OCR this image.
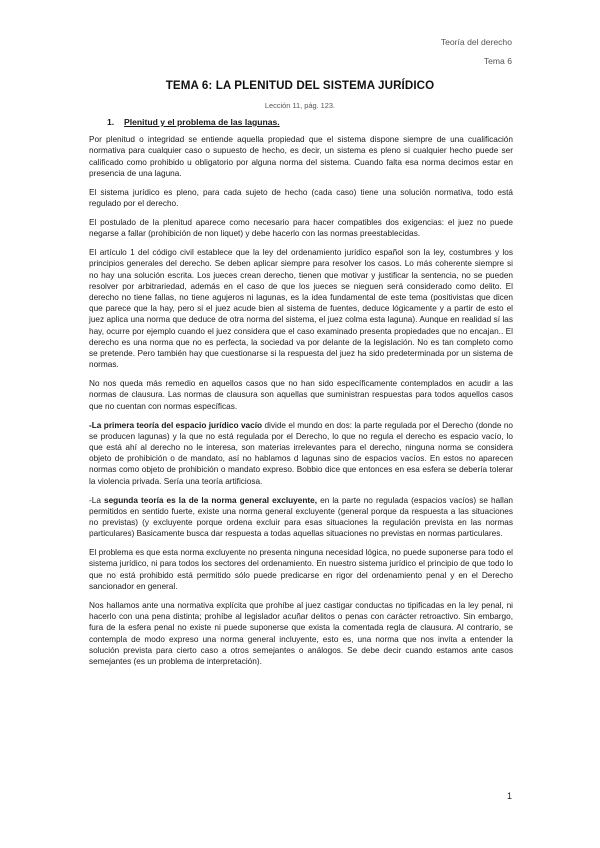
Teoría del derecho
Tema 6
TEMA 6: LA PLENITUD DEL SISTEMA JURÍDICO
Lección 11, pág. 123.
1. Plenitud y el problema de las lagunas.

Por plenitud o integridad se entiende aquella propiedad que el sistema dispone siempre de una cualificación normativa para cualquier caso o supuesto de hecho, es decir, un sistema es pleno si cualquier hecho puede ser calificado como prohibido u obligatorio por alguna norma del sistema. Cuando falta esa norma decimos estar en presencia de una laguna.

El sistema jurídico es pleno, para cada sujeto de hecho (cada caso) tiene una solución normativa, todo está regulado por el derecho.

El postulado de la plenitud aparece como necesario para hacer compatibles dos exigencias: el juez no puede negarse a fallar (prohibición de non liquet) y debe hacerlo con las normas preestablecidas.

El artículo 1 del código civil establece que la ley del ordenamiento jurídico español son la ley, costumbres y los principios generales del derecho. Se deben aplicar siempre para resolver los casos. Lo más coherente siempre si no hay una solución escrita. Los jueces crean derecho, tienen que motivar y justificar la sentencia, no se pueden resolver por arbitrariedad, además en el caso de que los jueces se nieguen será considerado como delito. El derecho no tiene fallas, no tiene agujeros ni lagunas, es la idea fundamental de este tema (positivistas que dicen que parece que la hay, pero si el juez acude bien al sistema de fuentes, deduce lógicamente y a partir de esto el juez aplica una norma que deduce de otra norma del sistema, el juez colma esta laguna). Aunque en realidad sí las hay, ocurre por ejemplo cuando el juez considera que el caso examinado presenta propiedades que no encajan.. El derecho es una norma que no es perfecta, la sociedad va por delante de la legislación. No es tan completo como se pretende. Pero también hay que cuestionarse si la respuesta del juez ha sido predeterminada por un sistema de normas.

No nos queda más remedio en aquellos casos que no han sido específicamente contemplados en acudir a las normas de clausura. Las normas de clausura son aquellas que suministran respuestas para todos aquellos casos que no cuentan con normas específicas.

-La primera teoría del espacio jurídico vacío divide el mundo en dos: la parte regulada por el Derecho (donde no se producen lagunas) y la que no está regulada por el Derecho, lo que no regula el derecho es espacio vacío, lo que está ahí al derecho no le interesa, son materias irrelevantes para el derecho, ninguna norma se considera objeto de prohibición o de mandato, así no hablamos d lagunas sino de espacios vacíos. En estos no aparecen normas como objeto de prohibición o mandato expreso. Bobbio dice que entonces en esa esfera se debería tolerar la violencia privada. Sería una teoría artificiosa.

-La segunda teoría es la de la norma general excluyente, en la parte no regulada (espacios vacíos) se hallan permitidos en sentido fuerte, existe una norma general excluyente (general porque da respuesta a las situaciones no previstas) (y excluyente porque ordena excluir para esas situaciones la regulación prevista en las normas particulares) Basicamente busca dar respuesta a todas aquellas situaciones no previstas en normas particulares.

El problema es que esta norma excluyente no presenta ninguna necesidad lógica, no puede suponerse para todo el sistema jurídico, ni para todos los sectores del ordenamiento. En nuestro sistema jurídico el principio de que todo lo que no está prohibido está permitido sólo puede predicarse en rigor del ordenamiento penal y en el Derecho sancionador en general.

Nos hallamos ante una normativa explícita que prohíbe al juez castigar conductas no tipificadas en la ley penal, ni hacerlo con una pena distinta; prohíbe al legislador acuñar delitos o penas con carácter retroactivo. Sin embargo, fura de la esfera penal no existe ni puede suponerse que exista la comentada regla de clausura. Al contrario, se contempla de modo expreso una norma general incluyente, esto es, una norma que nos invita a entender la solución prevista para cierto caso a otros semejantes o análogos. Se debe decir cuando estamos ante casos semejantes (es un problema de interpretación).

1
